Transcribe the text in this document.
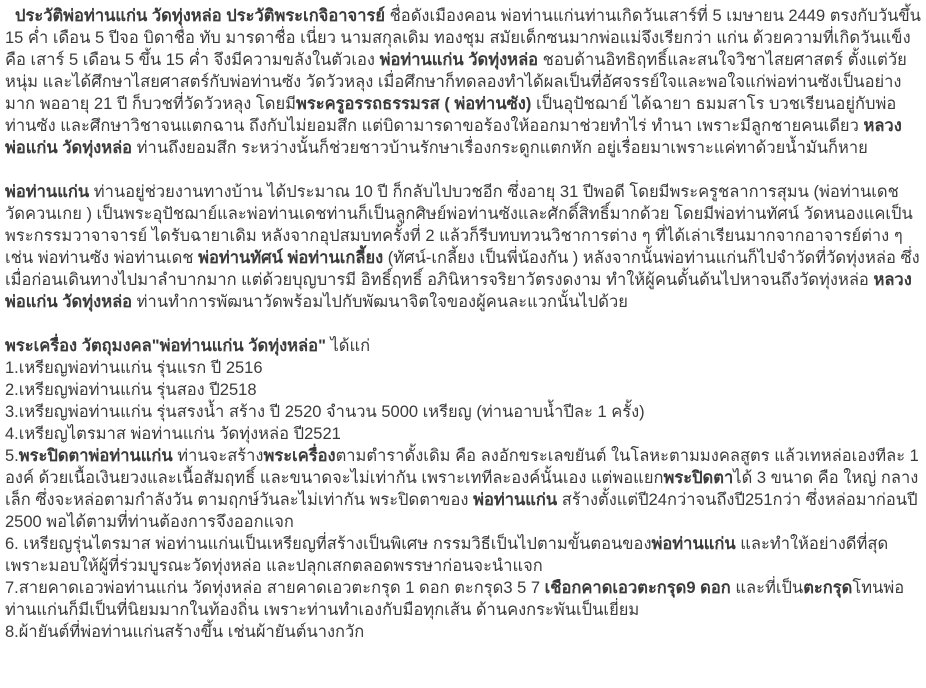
ประวัติพ่อท่านแก่น วัดทุ่งหล่อ ประวัติพระเกจิอาจารย์ ชื่อดังเมืองคอน พ่อท่านแก่นท่านเกิดวันเสาร์ที่ 5 เมษายน 2449 ตรงกับวันขึ้น 15 ค่ำ เดือน 5 ปีจอ บิดาชื่อ ทับ มารดาชื่อ เนี่ยว นามสกุลเดิม ทองชุม สมัยเด็กซนมากพ่อแม่จึงเรียกว่า แก่น ด้วยความที่เกิดวันแข็ง คือ เสาร์ 5 เดือน 5 ขึ้น 15 ค่ำ จึงมีความขลังในตัวเอง พ่อท่านแก่น วัดทุ่งหล่อ ชอบด้านอิทธิฤทธิ์และสนใจวิชาไสยศาสตร์ ตั้งแต่วัยหนุ่ม และได้ศึกษาไสยศาสตร์กับพ่อท่านซัง วัดวัวหลุง เมื่อศึกษาก็ทดลองทำได้ผลเป็นที่อัศจรรย์ใจและพอใจแก่พ่อท่านซังเป็นอย่างมาก พออายุ 21 ปี ก็บวชที่วัดวัวหลุง โดยมีพระครูอรรถธรรมรส ( พ่อท่านซัง) เป็นอุปัชฌาย์ ได้ฉายา ธมมสาโร บวชเรียนอยู่กับพ่อท่านซัง และศึกษาวิชาจนแตกฉาน ถึงกับไม่ยอมสึก แต่บิดามารดาขอร้องให้ออกมาช่วยทำไร่ ทำนา เพราะมีลูกชายคนเดียว หลวงพ่อแก่น วัดทุ่งหล่อ ท่านถึงยอมสึก ระหว่างนั้นก็ช่วยชาวบ้านรักษาเรื่องกระดูกแตกหัก อยู่เรื่อยมาเพราะแค่ทาด้วยน้ำมันก็หาย
พ่อท่านแก่น ท่านอยู่ช่วยงานทางบ้าน ได้ประมาณ 10 ปี ก็กลับไปบวชอีก ซึ่งอายุ 31 ปีพอดี โดยมีพระครูชลาการสุมน (พ่อท่านเดช วัดควนเกย ) เป็นพระอุปัชฌาย์และพ่อท่านเดชท่านก็เป็นลูกศิษย์พ่อท่านซังและศักดิ์สิทธิ์มากด้วย โดยมีพ่อท่านทัศน์ วัดหนองแคเป็นพระกรรมวาจาจารย์ ไดรับฉายาเดิม หลังจากอุปสมบทครั้งที่ 2 แล้วก็รีบทบทวนวิชาการต่าง ๆ ที่ได้เล่าเรียนมากจากอาจารย์ต่าง ๆ เช่น พ่อท่านซัง พ่อท่านเดช พ่อท่านทัศน์ พ่อท่านเกลี้ยง (ทัศน์-เกลี้ยง เป็นพี่น้องกัน ) หลังจากนั้นพ่อท่านแก่นก็ไปจำวัดที่วัดทุ่งหล่อ ซึ่งเมื่อก่อนเดินทางไปมาลำบากมาก แต่ด้วยบุญบารมี อิทธิ์ฤทธิ์ อภินิหารจริยาวัตรงดงาม ทำให้ผู้คนดั้นด้นไปหาจนถึงวัดทุ่งหล่อ หลวงพ่อแก่น วัดทุ่งหล่อ ท่านทำการพัฒนาวัดพร้อมไปกับพัฒนาจิตใจของผู้คนละแวกนั้นไปด้วย
พระเครื่อง วัตถุมงคล"พ่อท่านแก่น วัดทุ่งหล่อ" ได้แก่
1.เหรียญพ่อท่านแก่น รุ่นแรก ปี 2516
2.เหรียญพ่อท่านแก่น รุ่นสอง ปี2518
3.เหรียญพ่อท่านแก่น รุ่นสรงน้ำ สร้าง ปี 2520 จำนวน 5000 เหรียญ (ท่านอาบน้ำปีละ 1 ครั้ง)
4.เหรียญไตรมาส พ่อท่านแก่น วัดทุ่งหล่อ ปี2521
5.พระปิดตาพ่อท่านแก่น ท่านจะสร้างพระเครื่องตามตำราดั้งเดิม คือ ลงอักขระเลขยันต์ ในโลหะตามมงคลสูตร แล้วเทหล่อเองทีละ 1 องค์ ด้วยเนื้อเงินยวงและเนื้อสัมฤทธิ์ และขนาดจะไม่เท่ากัน เพราะเททีละองค์นั้นเอง แต่พอแยกพระปิดตาได้ 3 ขนาด คือ ใหญ่ กลาง เล็ก ซึ่งจะหล่อตามกำลังวัน ตามฤกษ์วันละไม่เท่ากัน พระปิดตาของ พ่อท่านแก่น สร้างตั้งแต่ปี24กว่าจนถึงปี251กว่า ซึ่งหล่อมาก่อนปี 2500 พอได้ตามที่ท่านต้องการจึงออกแจก
6. เหรียญรุ่นไตรมาส พ่อท่านแก่นเป็นเหรียญที่สร้างเป็นพิเศษ กรรมวิธีเป็นไปตามขั้นตอนของพ่อท่านแก่น และทำให้อย่างดีที่สุดเพราะมอบให้ผู้ที่ร่วมบูรณะวัดทุ่งหล่อ และปลุกเสกตลอดพรรษาก่อนจะนำแจก
7.สายคาดเอวพ่อท่านแก่น วัดทุ่งหล่อ สายคาดเอวตะกรุด 1 ดอก ตะกรุด3 5 7 เชือกคาดเอวตะกรุด9 ดอก และที่เป็นตะกรุดโทนพ่อท่านแก่นก็มีเป็นที่นิยมมากในท้องถิ่น เพราะท่านทำเองกับมือทุกเส้น ด้านคงกระพันเป็นเยี่ยม
8.ผ้ายันต์ที่พ่อท่านแก่นสร้างขึ้น เช่นผ้ายันต์นางกวัก
